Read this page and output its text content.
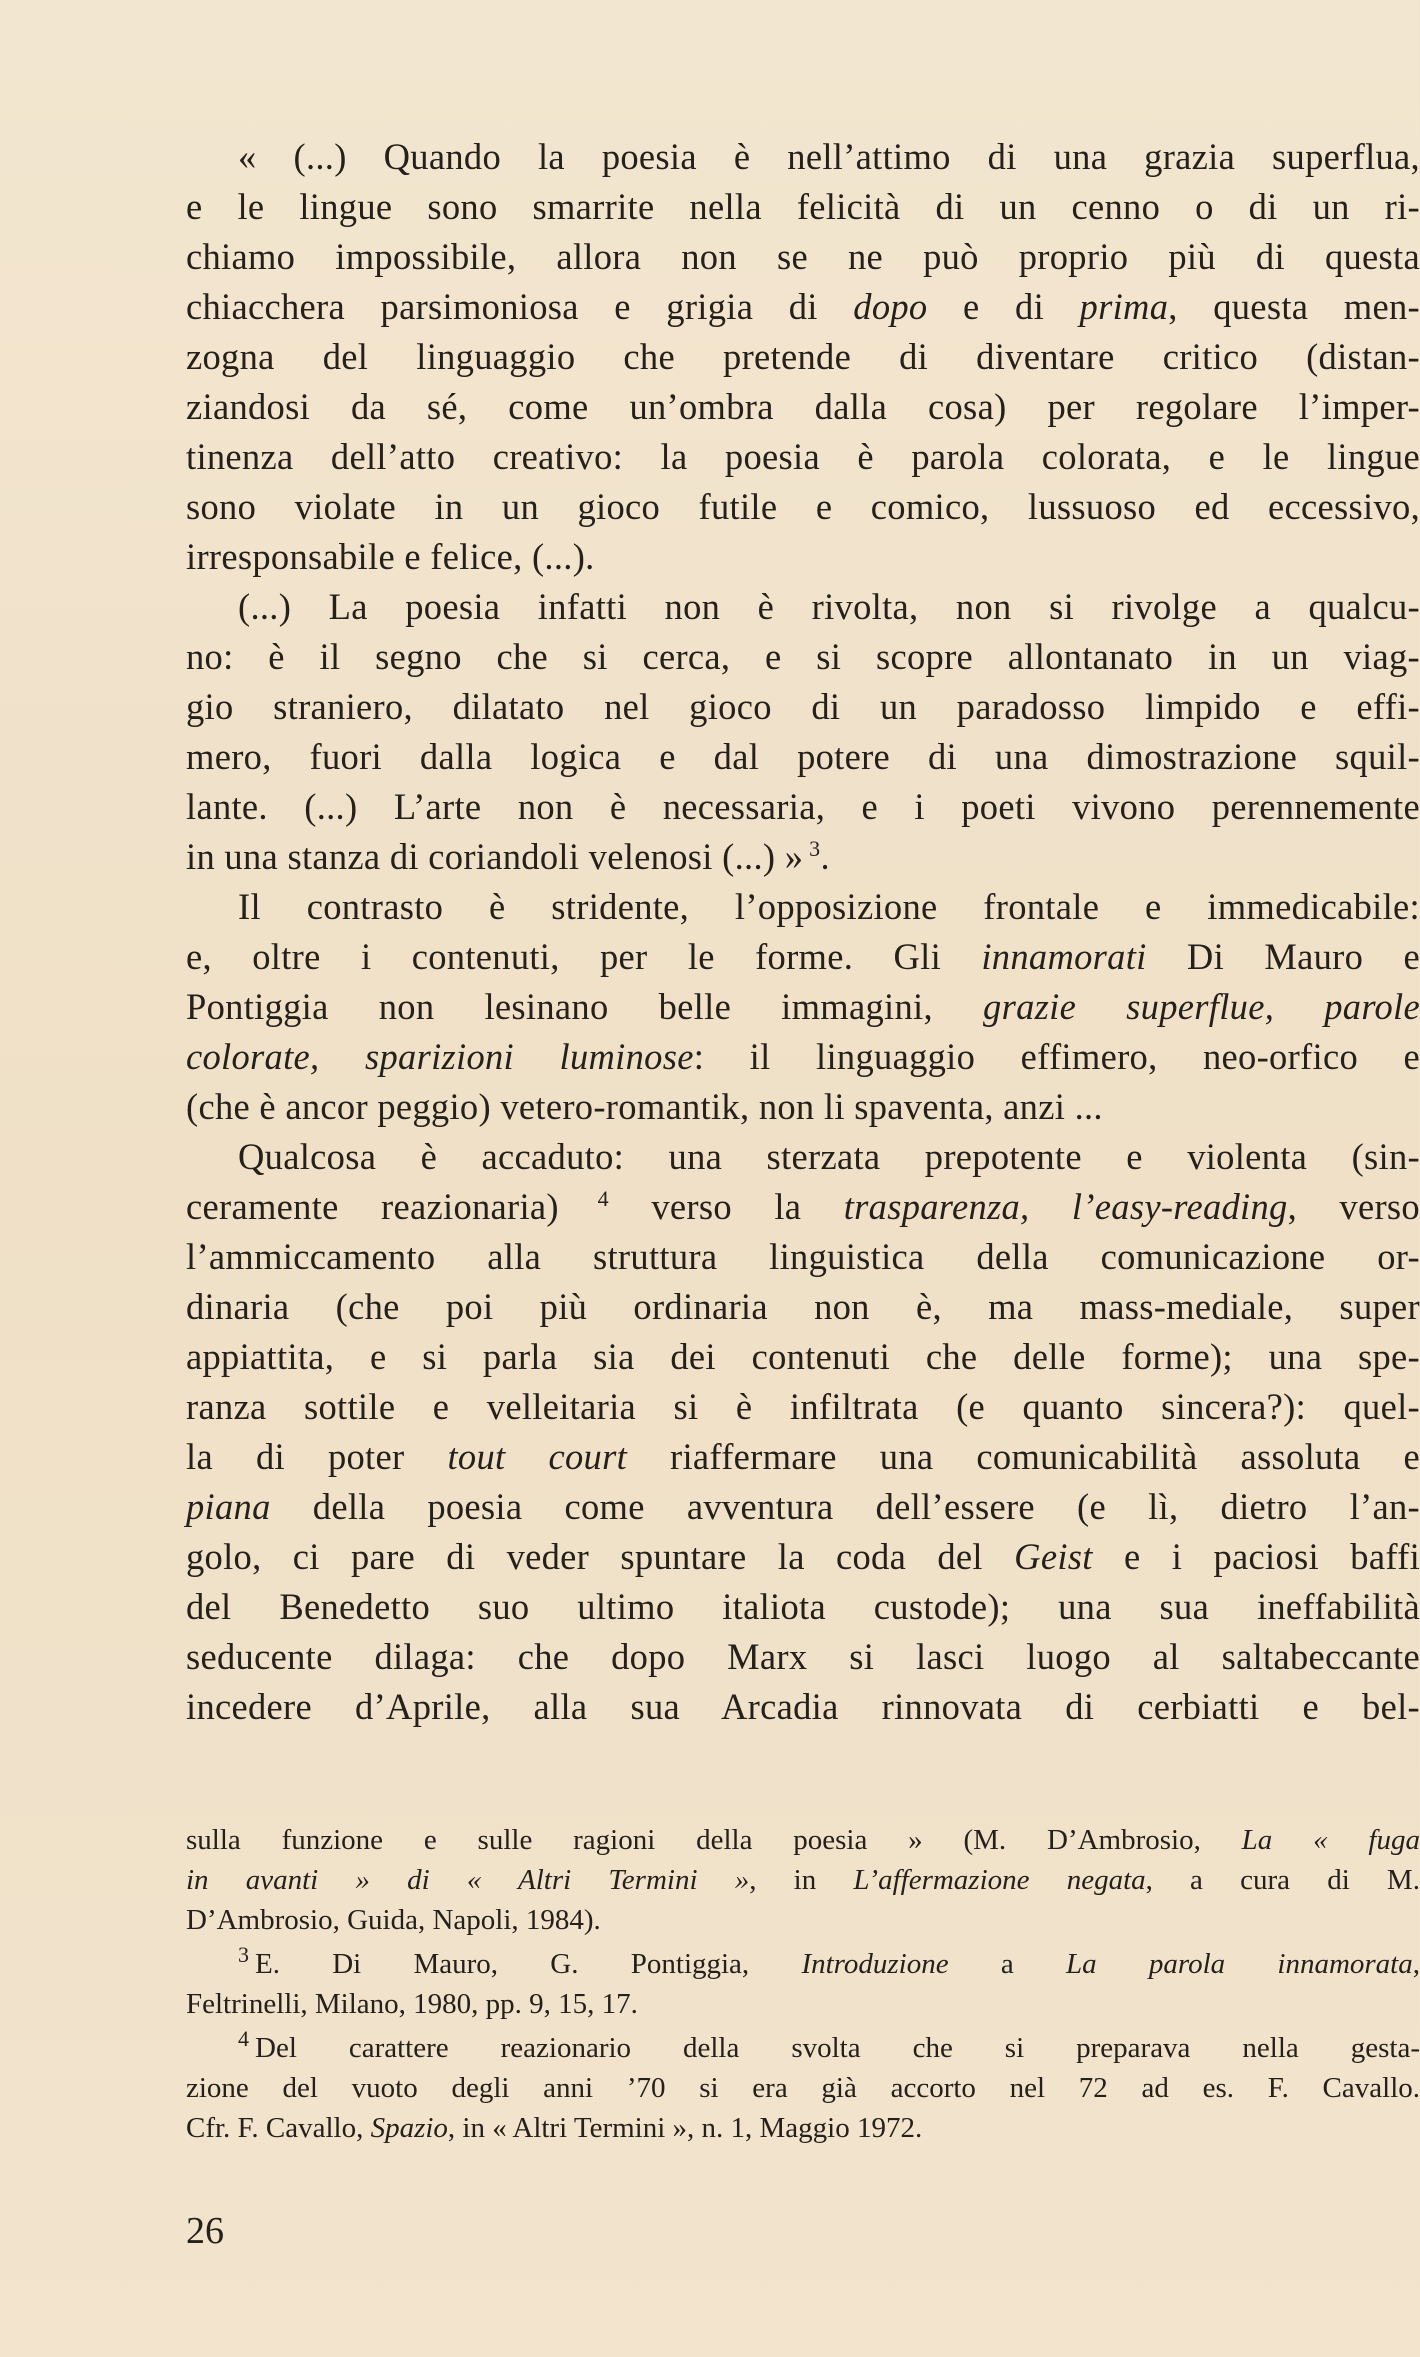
« (...) Quando la poesia è nell’attimo di una grazia superflua,
e le lingue sono smarrite nella felicità di un cenno o di un ri-
chiamo impossibile, allora non se ne può proprio più di questa
chiacchera parsimoniosa e grigia di dopo e di prima, questa men-
zogna del linguaggio che pretende di diventare critico (distan-
ziandosi da sé, come un’ombra dalla cosa) per regolare l’imper-
tinenza dell’atto creativo: la poesia è parola colorata, e le lingue
sono violate in un gioco futile e comico, lussuoso ed eccessivo,
irresponsabile e felice, (...).
(...) La poesia infatti non è rivolta, non si rivolge a qualcu-
no: è il segno che si cerca, e si scopre allontanato in un viag-
gio straniero, dilatato nel gioco di un paradosso limpido e effi-
mero, fuori dalla logica e dal potere di una dimostrazione squil-
lante. (...) L’arte non è necessaria, e i poeti vivono perennemente
in una stanza di coriandoli velenosi (...) » $^3$.
Il contrasto è stridente, l’opposizione frontale e immedicabile:
e, oltre i contenuti, per le forme. Gli innamorati Di Mauro e
Pontiggia non lesinano belle immagini, grazie superflue, parole
colorate, sparizioni luminose: il linguaggio effimero, neo-orfico e
(che è ancor peggio) vetero-romantik, non li spaventa, anzi ...
Qualcosa è accaduto: una sterzata prepotente e violenta (sin-
ceramente reazionaria) $^4$ verso la trasparenza, l’easy-reading, verso
l’ammiccamento alla struttura linguistica della comunicazione or-
dinaria (che poi più ordinaria non è, ma mass-mediale, super
appiattita, e si parla sia dei contenuti che delle forme); una spe-
ranza sottile e velleitaria si è infiltrata (e quanto sincera?): quel-
la di poter tout court riaffermare una comunicabilità assoluta e
piana della poesia come avventura dell’essere (e lì, dietro l’an-
golo, ci pare di veder spuntare la coda del Geist e i paciosi baffi
del Benedetto suo ultimo italiota custode); una sua ineffabilità
seducente dilaga: che dopo Marx si lasci luogo al saltabeccante
incedere d’Aprile, alla sua Arcadia rinnovata di cerbiatti e bel-
sulla funzione e sulle ragioni della poesia » (M. D’Ambrosio, La « fuga
in avanti » di « Altri Termini », in L’affermazione negata, a cura di M.
D’Ambrosio, Guida, Napoli, 1984).
$^3$ E. Di Mauro, G. Pontiggia, Introduzione a La parola innamorata,
Feltrinelli, Milano, 1980, pp. 9, 15, 17.
$^4$ Del carattere reazionario della svolta che si preparava nella gesta-
zione del vuoto degli anni ’70 si era già accorto nel 72 ad es. F. Cavallo.
Cfr. F. Cavallo, Spazio, in « Altri Termini », n. 1, Maggio 1972.
26
